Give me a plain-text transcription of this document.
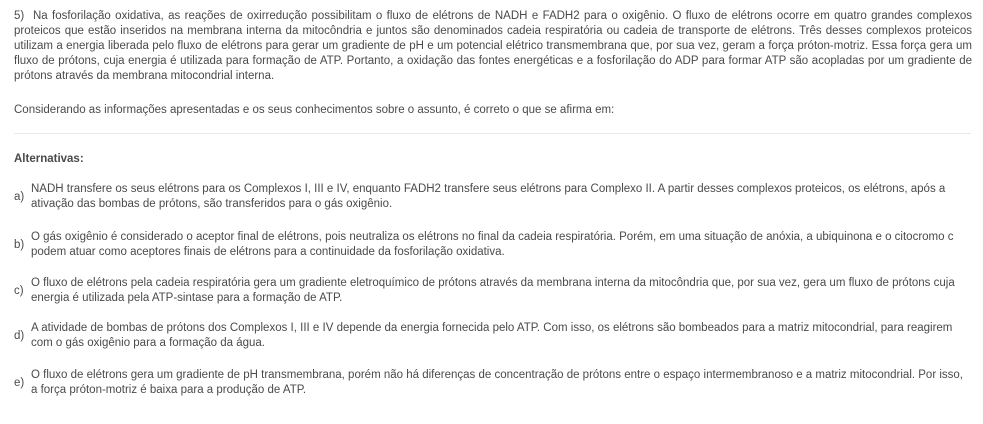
5) Na fosforilação oxidativa, as reações de oxirredução possibilitam o fluxo de elétrons de NADH e FADH2 para o oxigênio. O fluxo de elétrons ocorre em quatro grandes complexos proteicos que estão inseridos na membrana interna da mitocôndria e juntos são denominados cadeia respiratória ou cadeia de transporte de elétrons. Três desses complexos proteicos utilizam a energia liberada pelo fluxo de elétrons para gerar um gradiente de pH e um potencial elétrico transmembrana que, por sua vez, geram a força próton-motriz. Essa força gera um fluxo de prótons, cuja energia é utilizada para formação de ATP. Portanto, a oxidação das fontes energéticas e a fosforilação do ADP para formar ATP são acopladas por um gradiente de prótons através da membrana mitocondrial interna.

Considerando as informações apresentadas e os seus conhecimentos sobre o assunto, é correto o que se afirma em:
Alternativas:
a)
NADH transfere os seus elétrons para os Complexos I, III e IV, enquanto FADH2 transfere seus elétrons para Complexo II. A partir desses complexos proteicos, os elétrons, após a ativação das bombas de prótons, são transferidos para o gás oxigênio.
b)
O gás oxigênio é considerado o aceptor final de elétrons, pois neutraliza os elétrons no final da cadeia respiratória. Porém, em uma situação de anóxia, a ubiquinona e o citocromo c podem atuar como aceptores finais de elétrons para a continuidade da fosforilação oxidativa.
c)
O fluxo de elétrons pela cadeia respiratória gera um gradiente eletroquímico de prótons através da membrana interna da mitocôndria que, por sua vez, gera um fluxo de prótons cuja energia é utilizada pela ATP-sintase para a formação de ATP.
d)
A atividade de bombas de prótons dos Complexos I, III e IV depende da energia fornecida pelo ATP. Com isso, os elétrons são bombeados para a matriz mitocondrial, para reagirem com o gás oxigênio para a formação da água.
e)
O fluxo de elétrons gera um gradiente de pH transmembrana, porém não há diferenças de concentração de prótons entre o espaço intermembranoso e a matriz mitocondrial. Por isso, a força próton-motriz é baixa para a produção de ATP.
